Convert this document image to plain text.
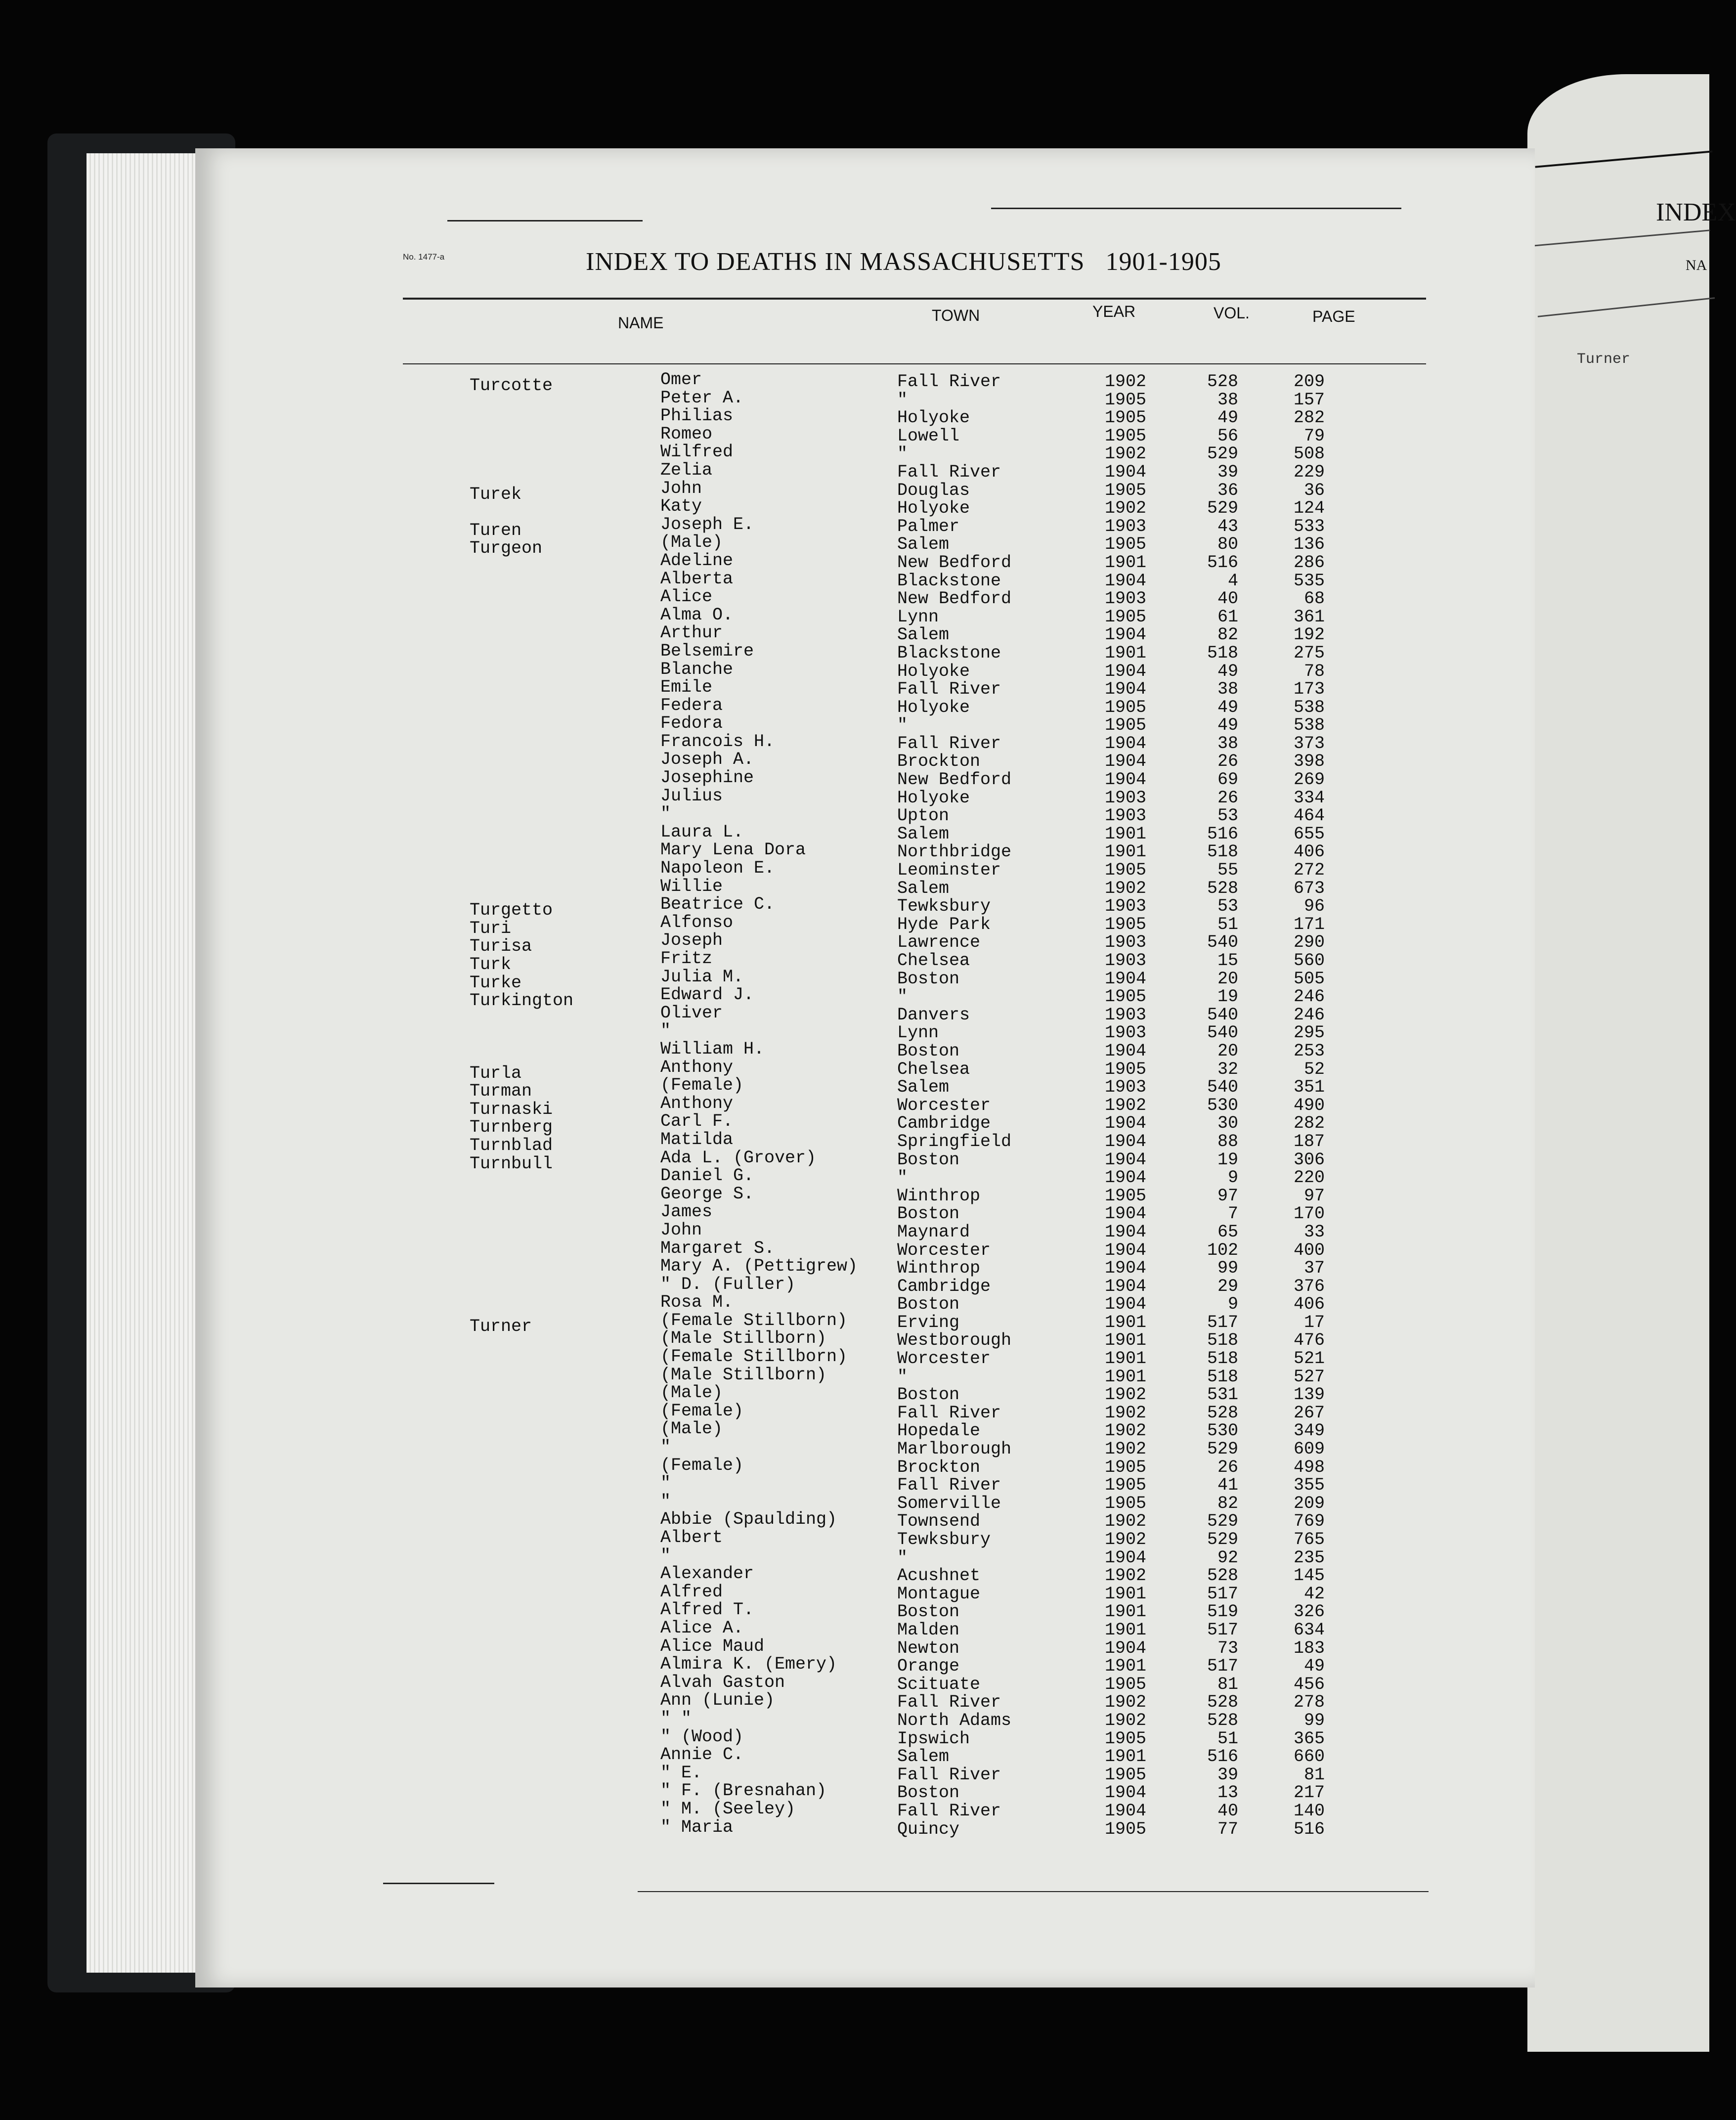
INDEX
NA
Turner
No. 1477-a	INDEX TO DEATHS IN MASSACHUSETTS 1901-1905
NAME	TOWN	YEAR	VOL.	PAGE
Turcotte	Omer	Fall River	1902	528	209
Peter A.	"	1905	38	157
Philias	Holyoke	1905	49	282
Romeo	Lowell	1905	56	79
Wilfred	"	1902	529	508
Zelia	Fall River	1904	39	229
Turek	John	Douglas	1905	36	36
Katy	Holyoke	1902	529	124
Turen	Joseph E.	Palmer	1903	43	533
Turgeon	(Male)	Salem	1905	80	136
Adeline	New Bedford	1901	516	286
Alberta	Blackstone	1904	4	535
Alice	New Bedford	1903	40	68
Alma O.	Lynn	1905	61	361
Arthur	Salem	1904	82	192
Belsemire	Blackstone	1901	518	275
Blanche	Holyoke	1904	49	78
Emile	Fall River	1904	38	173
Federa	Holyoke	1905	49	538
Fedora	"	1905	49	538
Francois H.	Fall River	1904	38	373
Joseph A.	Brockton	1904	26	398
Josephine	New Bedford	1904	69	269
Julius	Holyoke	1903	26	334
"	Upton	1903	53	464
Laura L.	Salem	1901	516	655
Mary Lena Dora	Northbridge	1901	518	406
Napoleon E.	Leominster	1905	55	272
Willie	Salem	1902	528	673
Turgetto	Beatrice C.	Tewksbury	1903	53	96
Turi	Alfonso	Hyde Park	1905	51	171
Turisa	Joseph	Lawrence	1903	540	290
Turk	Fritz	Chelsea	1903	15	560
Turke	Julia M.	Boston	1904	20	505
Turkington	Edward J.	"	1905	19	246
Oliver	Danvers	1903	540	246
"	Lynn	1903	540	295
William H.	Boston	1904	20	253
Turla	Anthony	Chelsea	1905	32	52
Turman	(Female)	Salem	1903	540	351
Turnaski	Anthony	Worcester	1902	530	490
Turnberg	Carl F.	Cambridge	1904	30	282
Turnblad	Matilda	Springfield	1904	88	187
Turnbull	Ada L. (Grover)	Boston	1904	19	306
Daniel G.	"	1904	9	220
George S.	Winthrop	1905	97	97
James	Boston	1904	7	170
John	Maynard	1904	65	33
Margaret S.	Worcester	1904	102	400
Mary A. (Pettigrew) Winthrop	1904	99	37
" D. (Fuller)	Cambridge	1904	29	376
Rosa M.	Boston	1904	9	406
Turner	(Female Stillborn)	Erving	1901	517	17
(Male Stillborn)	Westborough	1901	518	476
(Female Stillborn)	Worcester	1901	518	521
(Male Stillborn)	"	1901	518	527
(Male)	Boston	1902	531	139
(Female)	Fall River	1902	528	267
(Male)	Hopedale	1902	530	349
"	Marlborough	1902	529	609
(Female)	Brockton	1905	26	498
"	Fall River	1905	41	355
"	Somerville	1905	82	209
Abbie (Spaulding)	Townsend	1902	529	769
Albert	Tewksbury	1902	529	765
"	"	1904	92	235
Alexander	Acushnet	1902	528	145
Alfred	Montague	1901	517	42
Alfred T.	Boston	1901	519	326
Alice A.	Malden	1901	517	634
Alice Maud	Newton	1904	73	183
Almira K. (Emery)	Orange	1901	517	49
Alvah Gaston	Scituate	1905	81	456
Ann (Lunie)	Fall River	1902	528	278
" "	North Adams	1902	528	99
" (Wood)	Ipswich	1905	51	365
Annie C.	Salem	1901	516	660
" E.	Fall River	1905	39	81
" F. (Bresnahan)	Boston	1904	13	217
" M. (Seeley)	Fall River	1904	40	140
" Maria	Quincy	1905	77	516
